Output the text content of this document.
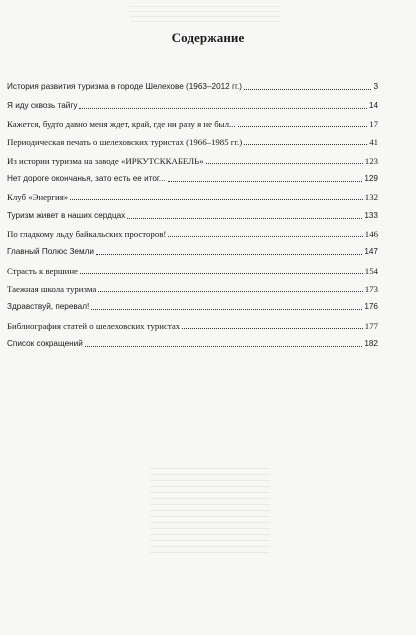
Содержание
История развития туризма в городе Шелехове (1963–2012 гг.)	3
Я иду сквозь тайгу	14
Кажется, будто давно меня ждет, край, где ни разу я не был...	17
Периодическая печать о шелеховских туристах (1966–1985 гг.)	41
Из истории туризма на заводе «ИРКУТСККАБЕЛЬ»	123
Нет дороге окончанья, зато есть ее итог...	129
Клуб «Энергия»	132
Туризм живет в наших сердцах	133
По гладкому льду байкальских просторов!	146
Главный Полюс Земли	147
Страсть к вершине	154
Таежная школа туризма	173
Здравствуй, перевал!	176
Библиография статей о шелеховских туристах	177
Список сокращений	182
